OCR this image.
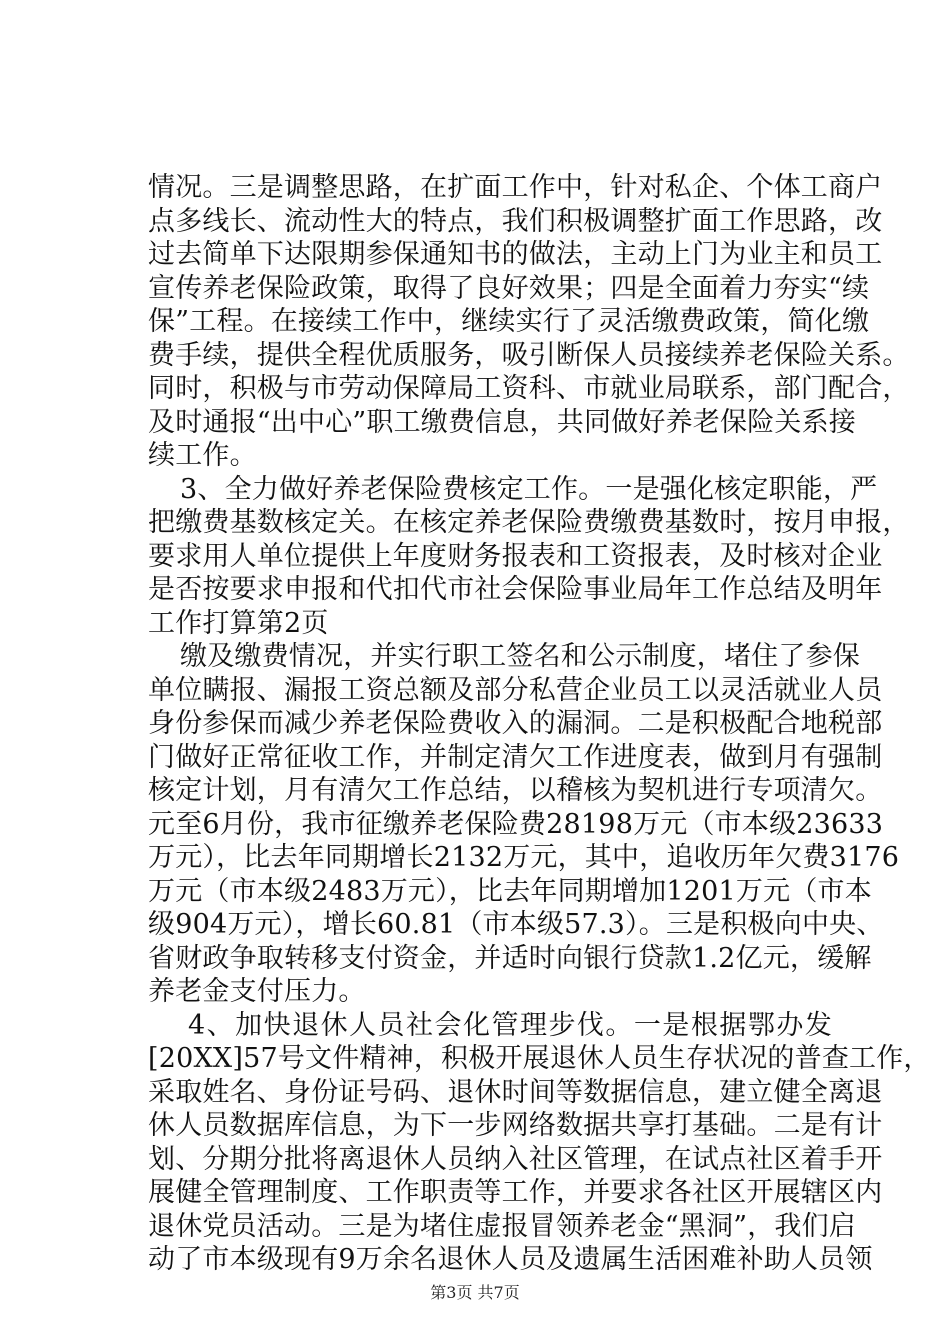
情况。三是调整思路，在扩面工作中，针对私企、个体工商户
点多线长、流动性大的特点，我们积极调整扩面工作思路，改
过去简单下达限期参保通知书的做法，主动上门为业主和员工
宣传养老保险政策，取得了良好效果；四是全面着力夯实“续
保”工程。在接续工作中，继续实行了灵活缴费政策，简化缴
费手续，提供全程优质服务，吸引断保人员接续养老保险关系。
同时，积极与市劳动保障局工资科、市就业局联系，部门配合，
及时通报“出中心”职工缴费信息，共同做好养老保险关系接
续工作。
3、全力做好养老保险费核定工作。一是强化核定职能，严
把缴费基数核定关。在核定养老保险费缴费基数时，按月申报，
要求用人单位提供上年度财务报表和工资报表，及时核对企业
是否按要求申报和代扣代市社会保险事业局年工作总结及明年
工作打算第2页
缴及缴费情况，并实行职工签名和公示制度，堵住了参保
单位瞒报、漏报工资总额及部分私营企业员工以灵活就业人员
身份参保而减少养老保险费收入的漏洞。二是积极配合地税部
门做好正常征收工作，并制定清欠工作进度表，做到月有强制
核定计划，月有清欠工作总结，以稽核为契机进行专项清欠。
元至6月份，我市征缴养老保险费28198万元（市本级23633
万元），比去年同期增长2132万元，其中，追收历年欠费3176
万元（市本级2483万元），比去年同期增加1201万元（市本
级904万元），增长60.81（市本级57.3）。三是积极向中央、
省财政争取转移支付资金，并适时向银行贷款1.2亿元，缓解
养老金支付压力。
4、加快退休人员社会化管理步伐。一是根据鄂办发
[20XX]57号文件精神，积极开展退休人员生存状况的普查工作，
采取姓名、身份证号码、退休时间等数据信息，建立健全离退
休人员数据库信息，为下一步网络数据共享打基础。二是有计
划、分期分批将离退休人员纳入社区管理，在试点社区着手开
展健全管理制度、工作职责等工作，并要求各社区开展辖区内
退休党员活动。三是为堵住虚报冒领养老金“黑洞”，我们启
动了市本级现有9万余名退休人员及遗属生活困难补助人员领
第3页 共7页
